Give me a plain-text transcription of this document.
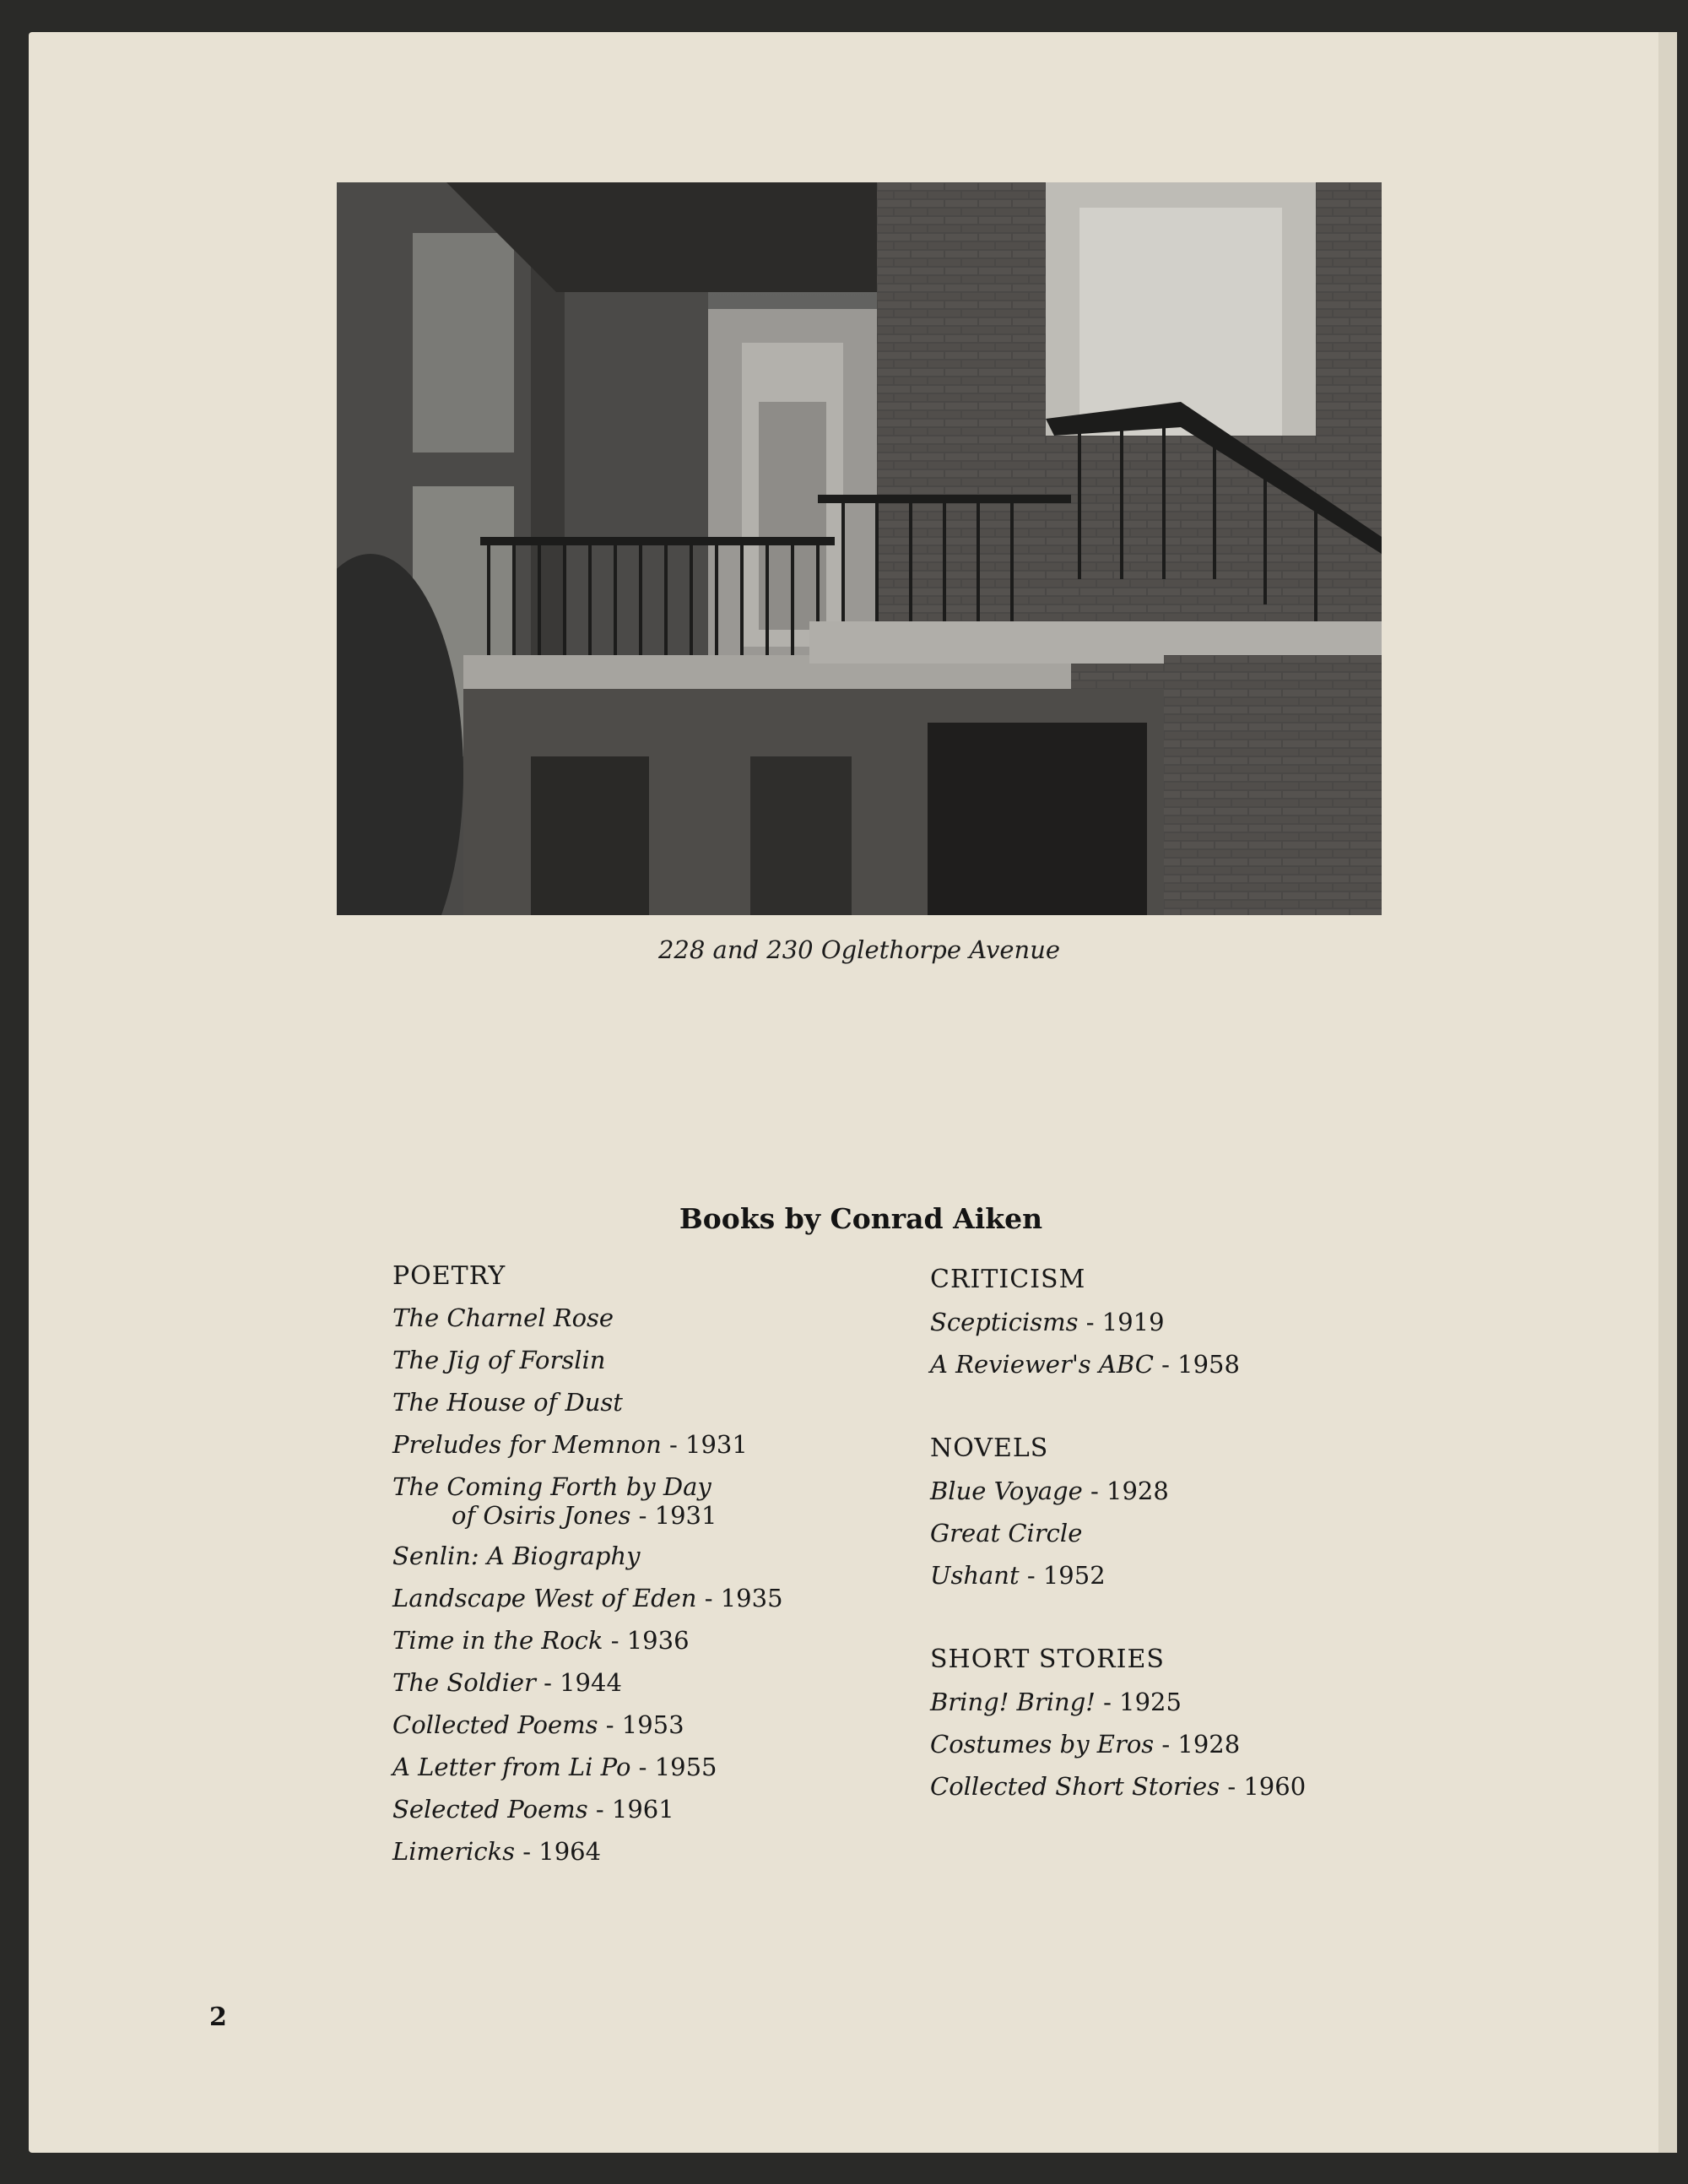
228 and 230 Oglethorpe Avenue
Books by Conrad Aiken
POETRY
The Charnel Rose
The Jig of Forslin
The House of Dust
Preludes for Memnon - 1931
The Coming Forth by Day
of Osiris Jones - 1931
Senlin: A Biography
Landscape West of Eden - 1935
Time in the Rock - 1936
The Soldier - 1944
Collected Poems - 1953
A Letter from Li Po - 1955
Selected Poems - 1961
Limericks - 1964
CRITICISM
Scepticisms - 1919
A Reviewer's ABC - 1958
NOVELS
Blue Voyage - 1928
Great Circle
Ushant - 1952
SHORT STORIES
Bring! Bring! - 1925
Costumes by Eros - 1928
Collected Short Stories - 1960
2
